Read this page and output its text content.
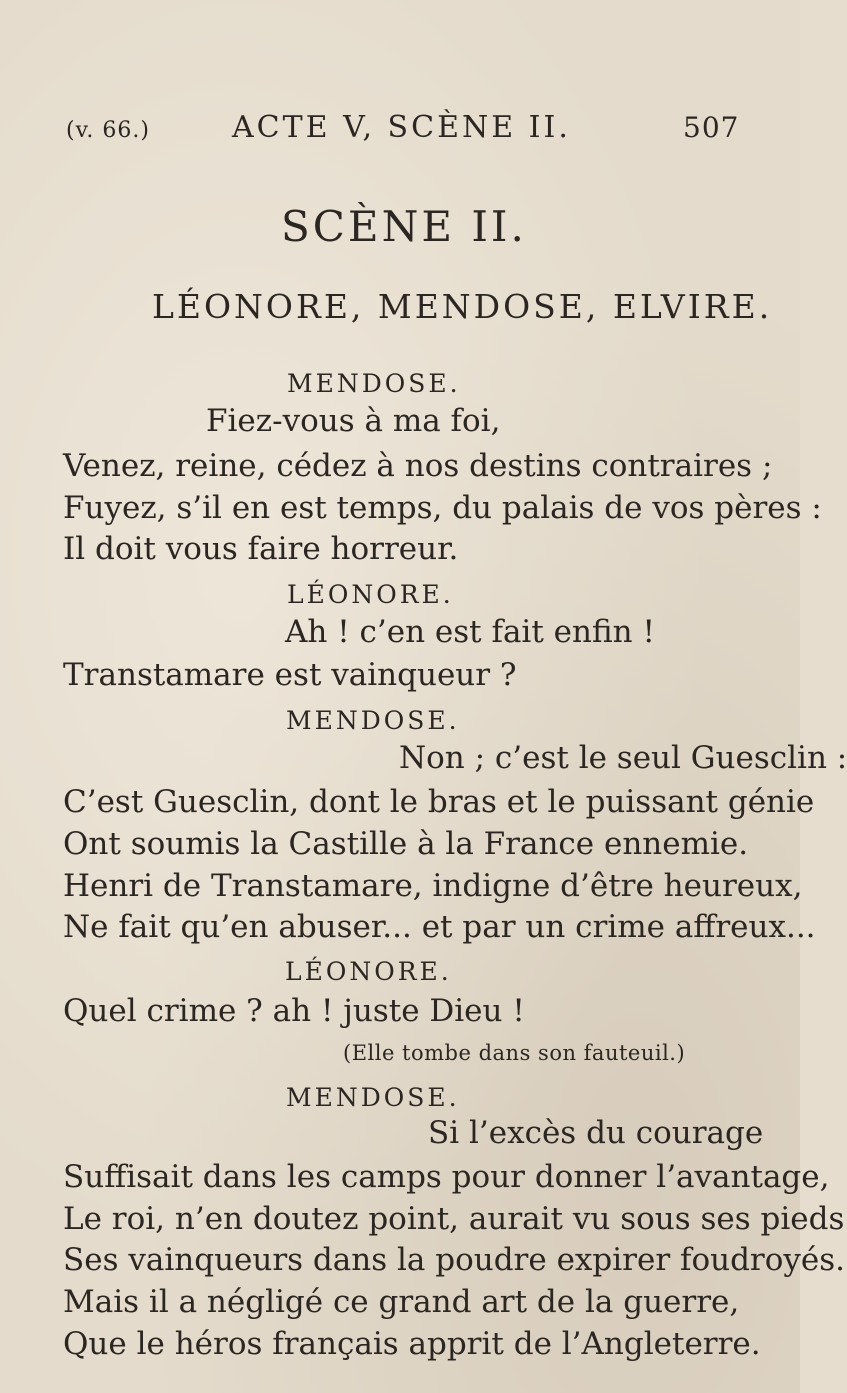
(v. 66.)	ACTE V, SCÈNE II.	507
SCÈNE II.
LÉONORE, MENDOSE, ELVIRE.
MENDOSE.
Fiez-vous à ma foi,
Venez, reine, cédez à nos destins contraires ;
Fuyez, s’il en est temps, du palais de vos pères :
Il doit vous faire horreur.
LÉONORE.
Ah ! c’en est fait enfin !
Transtamare est vainqueur ?
MENDOSE.
Non ; c’est le seul Guesclin :
C’est Guesclin, dont le bras et le puissant génie
Ont soumis la Castille à la France ennemie.
Henri de Transtamare, indigne d’être heureux,
Ne fait qu’en abuser... et par un crime affreux...
LÉONORE.
Quel crime ? ah ! juste Dieu !
(Elle tombe dans son fauteuil.)
MENDOSE.
Si l’excès du courage
Suffisait dans les camps pour donner l’avantage,
Le roi, n’en doutez point, aurait vu sous ses pieds
Ses vainqueurs dans la poudre expirer foudroyés.
Mais il a négligé ce grand art de la guerre,
Que le héros français apprit de l’Angleterre.
